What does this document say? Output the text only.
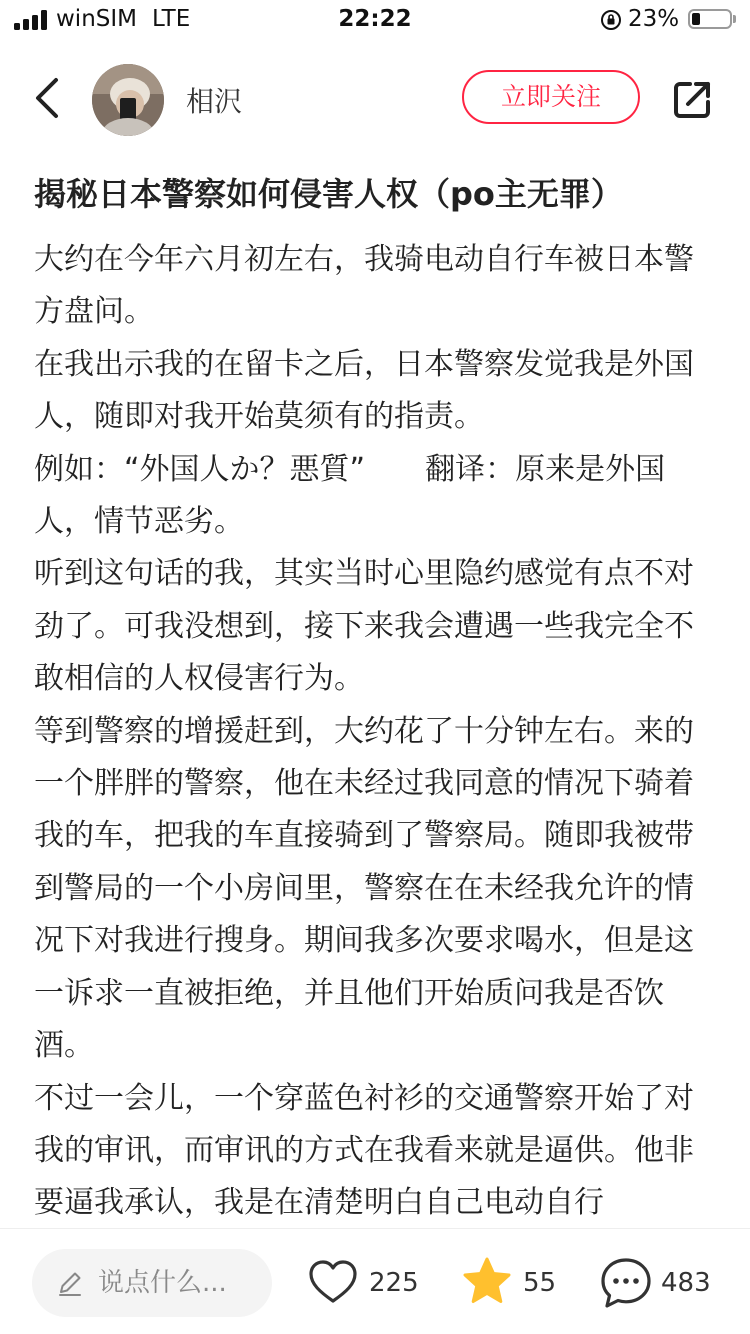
winSIM LTE	22:22	23%
相沢	立即关注
揭秘日本警察如何侵害人权（po主无罪）

大约在今年六月初左右，我骑电动自行车被日本警方盘问。

在我出示我的在留卡之后，日本警察发觉我是外国人，随即对我开始莫须有的指责。

例如：“外国人か？悪質”　　翻译：原来是外国人，情节恶劣。

听到这句话的我，其实当时心里隐约感觉有点不对劲了。可我没想到，接下来我会遭遇一些我完全不敢相信的人权侵害行为。

等到警察的增援赶到，大约花了十分钟左右。来的一个胖胖的警察，他在未经过我同意的情况下骑着我的车，把我的车直接骑到了警察局。随即我被带到警局的一个小房间里，警察在在未经我允许的情况下对我进行搜身。期间我多次要求喝水，但是这一诉求一直被拒绝，并且他们开始质问我是否饮酒。

不过一会儿，一个穿蓝色衬衫的交通警察开始了对我的审讯，而审讯的方式在我看来就是逼供。他非要逼我承认，我是在清楚明白自己电动自行

说点什么...	225	55	483
